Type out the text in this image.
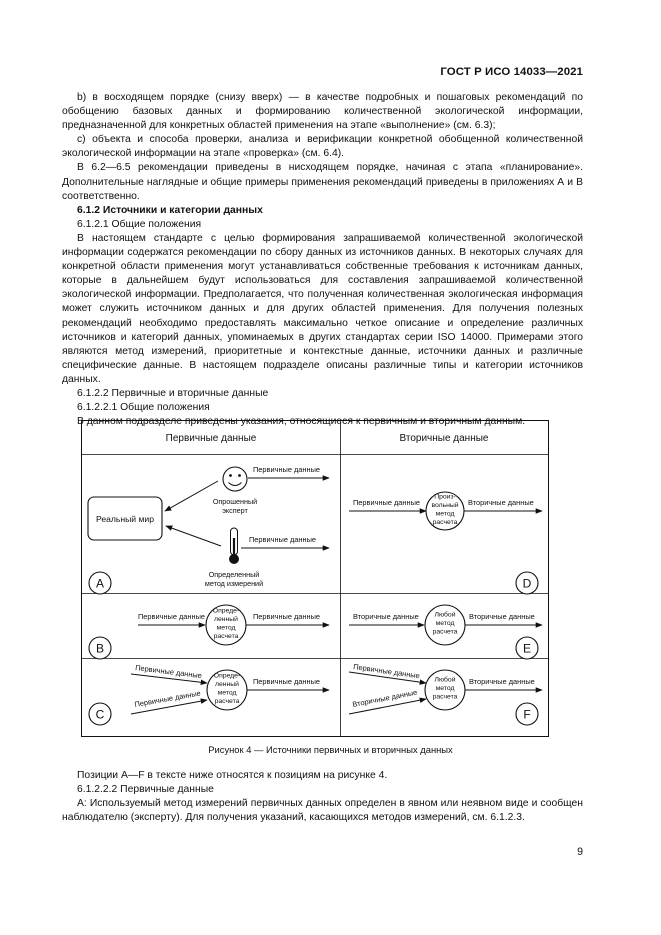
ГОСТ Р ИСО 14033—2021

b) в восходящем порядке (снизу вверх) — в качестве подробных и пошаговых рекомендаций по обобщению базовых данных и формированию количественной экологической информации, предназначенной для конкретных областей применения на этапе «выполнение» (см. 6.3);

c) объекта и способа проверки, анализа и верификации конкретной обобщенной количественной экологической информации на этапе «проверка» (см. 6.4).

В 6.2—6.5 рекомендации приведены в нисходящем порядке, начиная с этапа «планирование». Дополнительные наглядные и общие примеры применения рекомендаций приведены в приложениях А и В соответственно.

6.1.2 Источники и категории данных

6.1.2.1 Общие положения

В настоящем стандарте с целью формирования запрашиваемой количественной экологической информации содержатся рекомендации по сбору данных из источников данных. В некоторых случаях для конкретной области применения могут устанавливаться собственные требования к источникам данных, которые в дальнейшем будут использоваться для составления запрашиваемой количественной экологической информации. Предполагается, что полученная количественная экологическая информация может служить источником данных и для других областей применения. Для получения полезных рекомендаций необходимо предоставлять максимально четкое описание и определение различных источников и категорий данных, упоминаемых в других стандартах серии ISO 14000. Примерами этого являются метод измерений, приоритетные и контекстные данные, источники данных и различные специфические данные. В настоящем подразделе описаны различные типы и категории источников данных.

6.1.2.2 Первичные и вторичные данные

6.1.2.2.1 Общие положения

В данном подразделе приведены указания, относящиеся к первичным и вторичным данным.

Первичные данные	Вторичные данные
Реальный мир
Опрошенный
эксперт
Первичные данные
Определенный
метод измерений
Первичные данные
A
Первичные данные
Произ-
вольный
метод
расчета
Вторичные данные
D
Первичные данные
Опреде-
ленный
метод
расчета
Первичные данные
B
Вторичные данные Любой
метод
расчета
Вторичные данные
E
Первичные данные
Первичные данные
Опреде-
ленный
метод
расчета
Первичные данные
C
Первичные данные
Вторичные данные
Любой
метод
расчета
Вторичные данные
F
Рисунок 4 — Источники первичных и вторичных данных

Позиции A—F в тексте ниже относятся к позициям на рисунке 4.

6.1.2.2.2 Первичные данные

A: Используемый метод измерений первичных данных определен в явном или неявном виде и сообщен наблюдателю (эксперту). Для получения указаний, касающихся методов измерений, см. 6.1.2.3.

9
